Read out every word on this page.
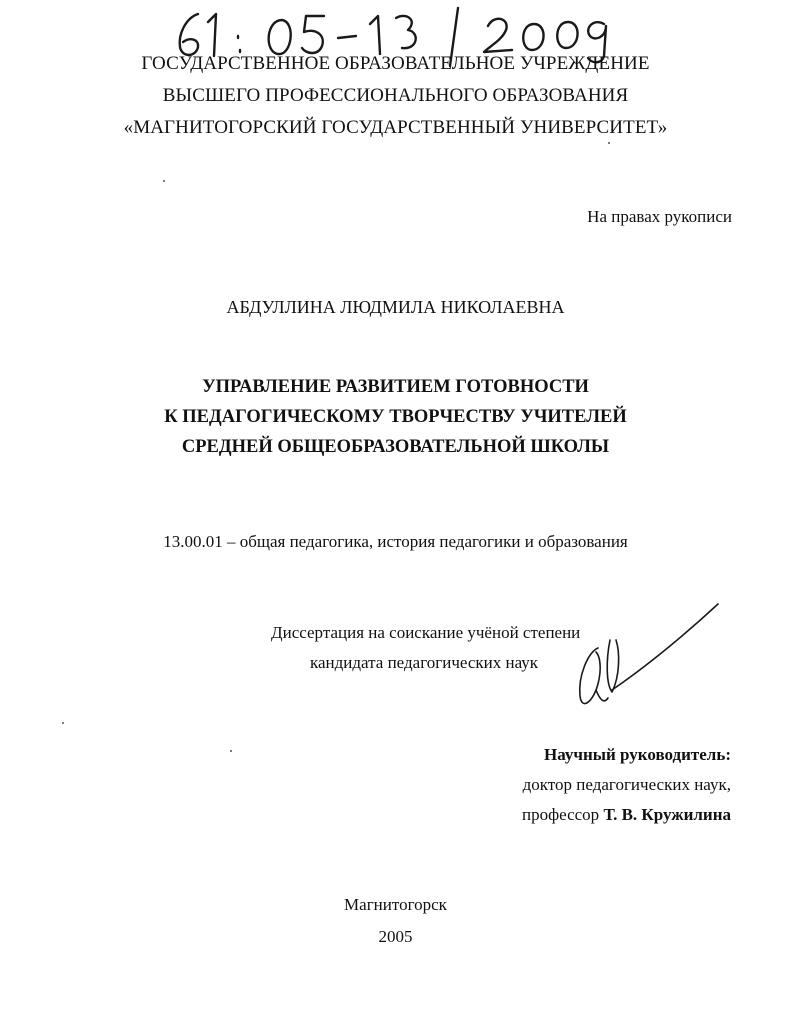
ГОСУДАРСТВЕННОЕ ОБРАЗОВАТЕЛЬНОЕ УЧРЕЖДЕНИЕ
ВЫСШЕГО ПРОФЕССИОНАЛЬНОГО ОБРАЗОВАНИЯ
«МАГНИТОГОРСКИЙ ГОСУДАРСТВЕННЫЙ УНИВЕРСИТЕТ»
На правах рукописи
АБДУЛЛИНА ЛЮДМИЛА НИКОЛАЕВНА
УПРАВЛЕНИЕ РАЗВИТИЕМ ГОТОВНОСТИ
К ПЕДАГОГИЧЕСКОМУ ТВОРЧЕСТВУ УЧИТЕЛЕЙ
СРЕДНЕЙ ОБЩЕОБРАЗОВАТЕЛЬНОЙ ШКОЛЫ
13.00.01 – общая педагогика, история педагогики и образования
Диссертация на соискание учёной степени
кандидата педагогических наук
Научный руководитель:
доктор педагогических наук,
профессор Т. В. Кружилина
Магнитогорск
2005
